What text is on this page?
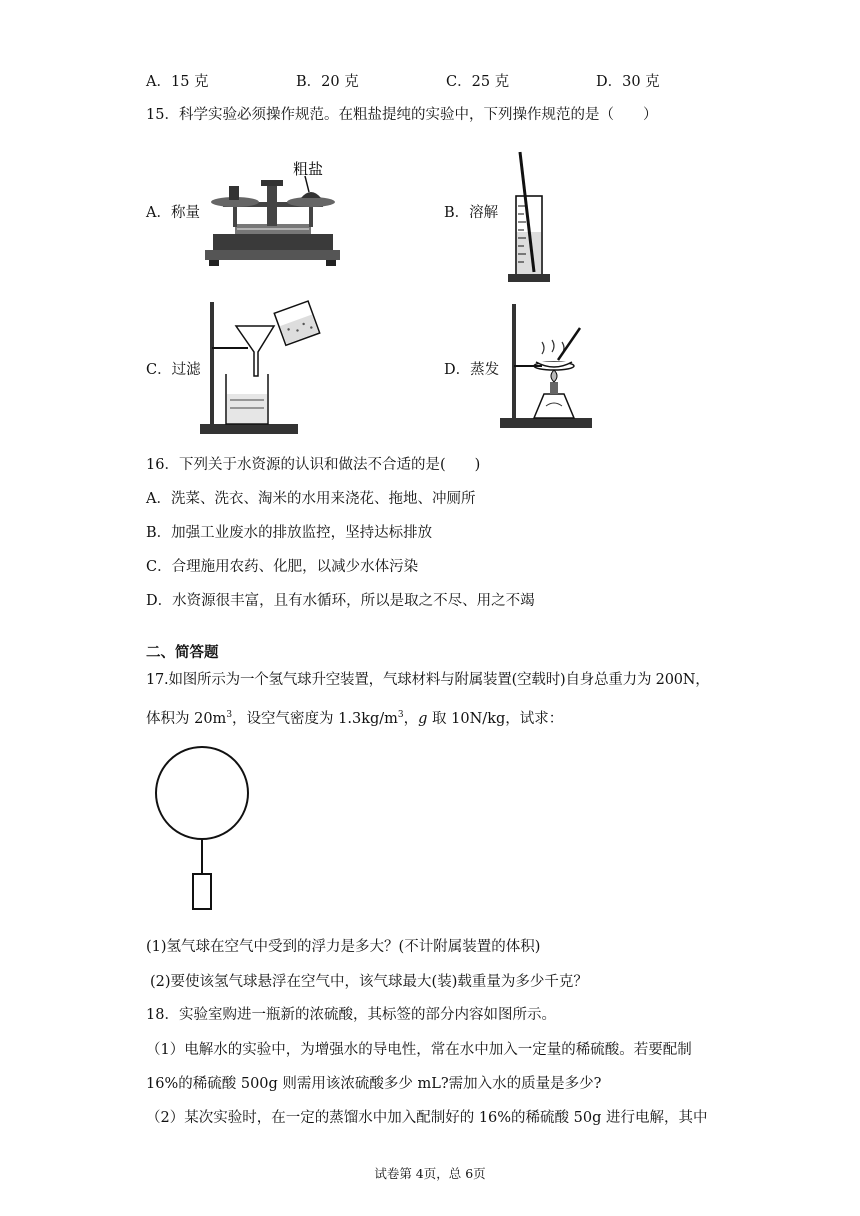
A．15 克	B．20 克	C．25 克	D．30 克
15．科学实验必须操作规范。在粗盐提纯的实验中，下列操作规范的是（　　）
A．称量
粗盐
B．溶解
C．过滤	D．蒸发
16．下列关于水资源的认识和做法不合适的是(　　)
A．洗菜、洗衣、淘米的水用来浇花、拖地、冲厕所
B．加强工业废水的排放监控，坚持达标排放
C．合理施用农药、化肥，以减少水体污染
D．水资源很丰富，且有水循环，所以是取之不尽、用之不竭
二、简答题
17.如图所示为一个氢气球升空装置，气球材料与附属装置(空载时)自身总重力为 200N，
体积为 $20m^3$，设空气密度为 $1.3kg/m^3$，g 取 10N/kg，试求：
(1)氢气球在空气中受到的浮力是多大？(不计附属装置的体积)
(2)要使该氢气球悬浮在空气中，该气球最大(装)载重量为多少千克？
18．实验室购进一瓶新的浓硫酸，其标签的部分内容如图所示。
（1）电解水的实验中，为增强水的导电性，常在水中加入一定量的稀硫酸。若要配制
16%的稀硫酸 500g 则需用该浓硫酸多少 mL?需加入水的质量是多少?
（2）某次实验时，在一定的蒸馏水中加入配制好的 16%的稀硫酸 50g 进行电解，其中
试卷第 4页，总 6页
